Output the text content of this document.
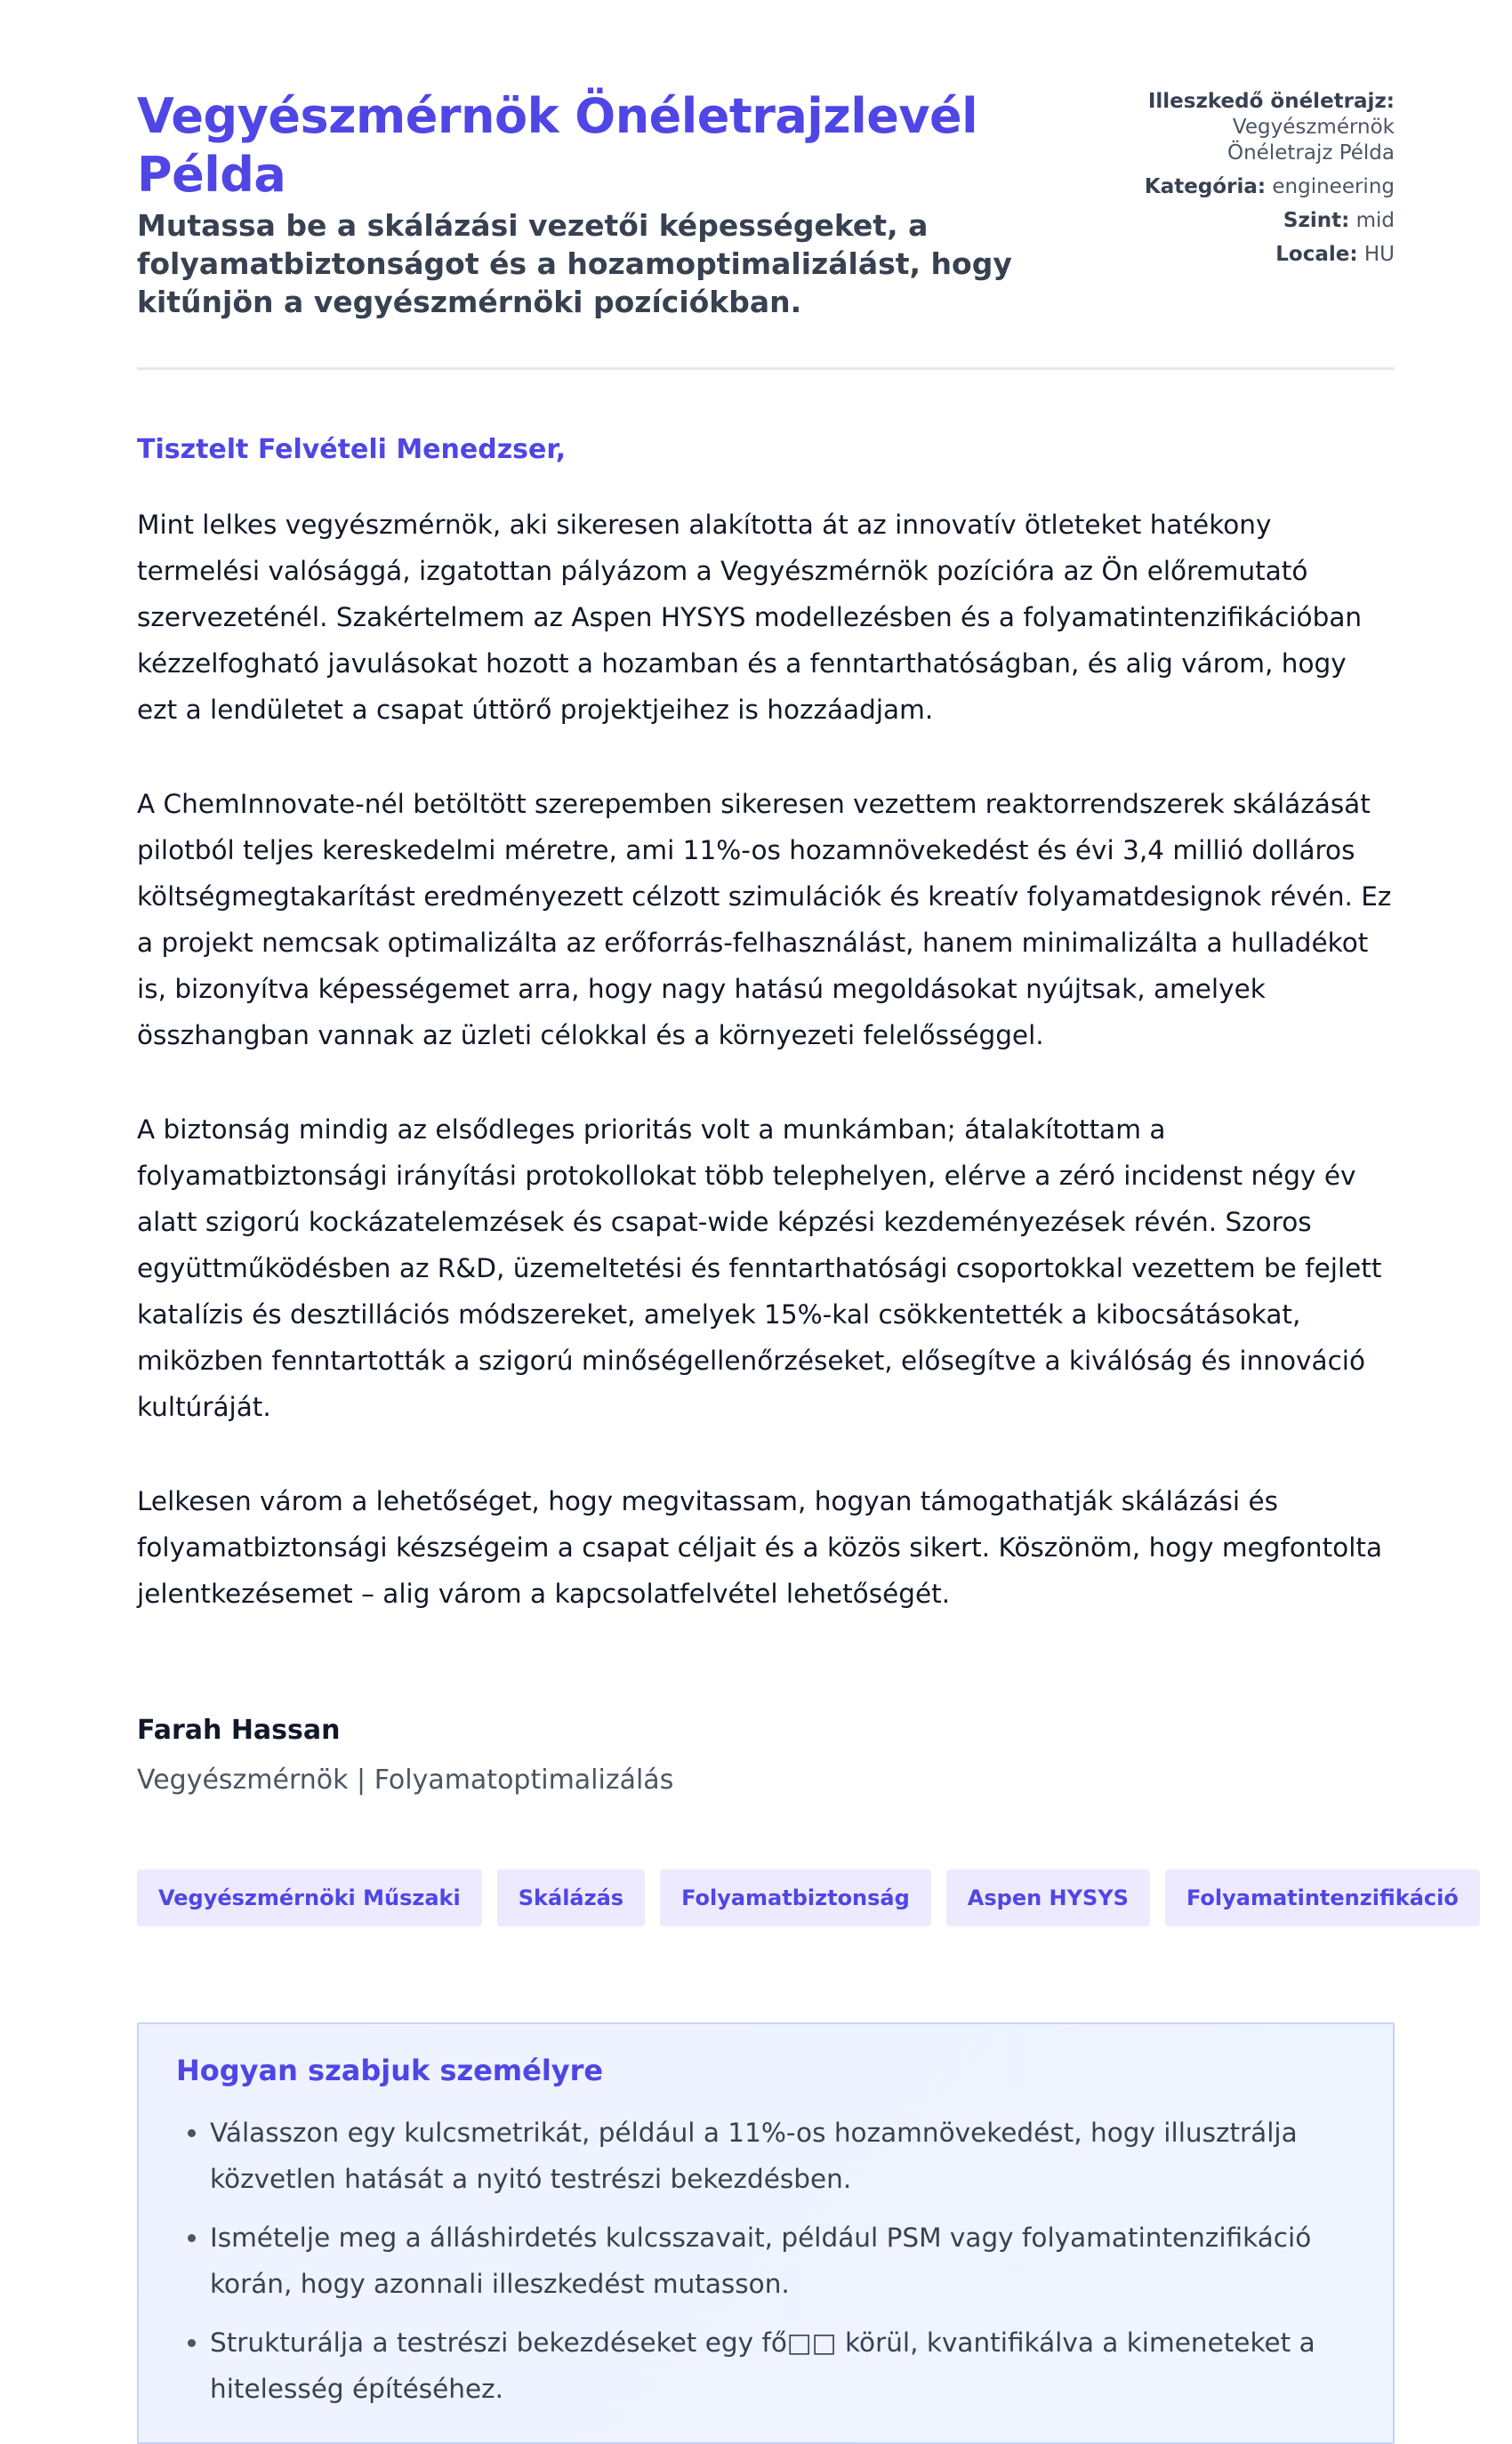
Vegyészmérnök Önéletrajzlevél Példa

Mutassa be a skálázási vezetői képességeket, a folyamatbiztonságot és a hozamoptimalizálást, hogy kitűnjön a vegyészmérnöki pozíciókban.

Illeszkedő önéletrajz: Vegyészmérnök Önéletrajz Példa
Kategória: engineering
Szint: mid
Locale: HU
Tisztelt Felvételi Menedzser,

Mint lelkes vegyészmérnök, aki sikeresen alakította át az innovatív ötleteket hatékony termelési valósággá, izgatottan pályázom a Vegyészmérnök pozícióra az Ön előremutató szervezeténél. Szakértelmem az Aspen HYSYS modellezésben és a folyamatintenzifikációban kézzelfogható javulásokat hozott a hozamban és a fenntarthatóságban, és alig várom, hogy ezt a lendületet a csapat úttörő projektjeihez is hozzáadjam.

A ChemInnovate-nél betöltött szerepemben sikeresen vezettem reaktorrendszerek skálázását pilotból teljes kereskedelmi méretre, ami 11%-os hozamnövekedést és évi 3,4 millió dolláros költségmegtakarítást eredményezett célzott szimulációk és kreatív folyamatdesignok révén. Ez a projekt nemcsak optimalizálta az erőforrás-felhasználást, hanem minimalizálta a hulladékot is, bizonyítva képességemet arra, hogy nagy hatású megoldásokat nyújtsak, amelyek összhangban vannak az üzleti célokkal és a környezeti felelősséggel.

A biztonság mindig az elsődleges prioritás volt a munkámban; átalakítottam a folyamatbiztonsági irányítási protokollokat több telephelyen, elérve a zéró incidenst négy év alatt szigorú kockázatelemzések és csapat-wide képzési kezdeményezések révén. Szoros együttműködésben az R&D, üzemeltetési és fenntarthatósági csoportokkal vezettem be fejlett katalízis és desztillációs módszereket, amelyek 15%-kal csökkentették a kibocsátásokat, miközben fenntartották a szigorú minőségellenőrzéseket, elősegítve a kiválóság és innováció kultúráját.

Lelkesen várom a lehetőséget, hogy megvitassam, hogyan támogathatják skálázási és folyamatbiztonsági készségeim a csapat céljait és a közös sikert. Köszönöm, hogy megfontolta jelentkezésemet – alig várom a kapcsolatfelvétel lehetőségét.

Farah Hassan
Vegyészmérnök | Folyamatoptimalizálás
Vegyészmérnöki Műszaki	Skálázás	Folyamatbiztonság	Aspen HYSYS	Folyamatintenzifikáció
Hogyan szabjuk személyre
• Válasszon egy kulcsmetrikát, például a 11%-os hozamnövekedést, hogy illusztrálja közvetlen hatását a nyitó testrészi bekezdésben.
• Ismételje meg a álláshirdetés kulcsszavait, például PSM vagy folyamatintenzifikáció korán, hogy azonnali illeszkedést mutasson.
• Strukturálja a testrészi bekezdéseket egy fő□□ körül, kvantifikálva a kimeneteket a hitelesség építéséhez.
